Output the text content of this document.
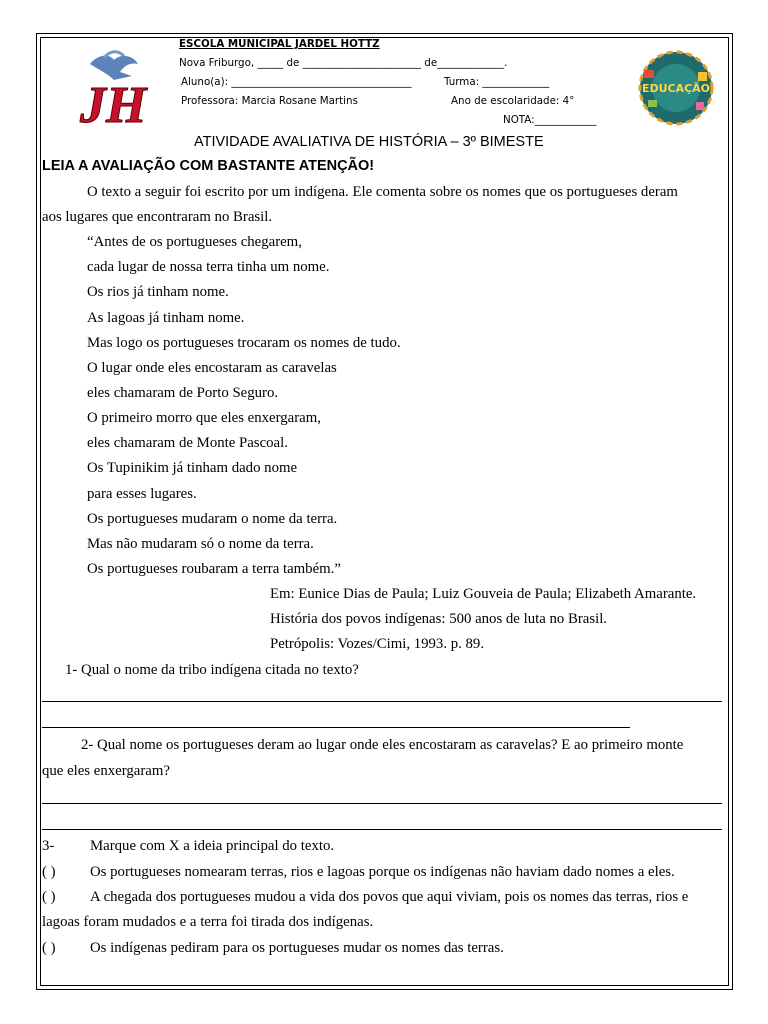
JH	EDUCAÇÃO
ESCOLA MUNICIPAL JARDEL HOTTZ
Nova Friburgo, _____ de _______________________ de_____________.
Aluno(a): ___________________________________	Turma: _____________
Professora: Marcia Rosane Martins	Ano de escolaridade: 4°
NOTA:____________
ATIVIDADE AVALIATIVA DE HISTÓRIA – 3º BIMESTE
LEIA A AVALIAÇÃO COM BASTANTE ATENÇÃO!
O texto a seguir foi escrito por um indígena. Ele comenta sobre os nomes que os portugueses deram
aos lugares que encontraram no Brasil.
“Antes de os portugueses chegarem,
cada lugar de nossa terra tinha um nome.
Os rios já tinham nome.
As lagoas já tinham nome.
Mas logo os portugueses trocaram os nomes de tudo.
O lugar onde eles encostaram as caravelas
eles chamaram de Porto Seguro.
O primeiro morro que eles enxergaram,
eles chamaram de Monte Pascoal.
Os Tupinikim já tinham dado nome
para esses lugares.
Os portugueses mudaram o nome da terra.
Mas não mudaram só o nome da terra.
Os portugueses roubaram a terra também.”
Em: Eunice Dias de Paula; Luiz Gouveia de Paula; Elizabeth Amarante.
História dos povos indígenas: 500 anos de luta no Brasil.
Petrópolis: Vozes/Cimi, 1993. p. 89.
1- Qual o nome da tribo indígena citada no texto?
2- Qual nome os portugueses deram ao lugar onde eles encostaram as caravelas? E ao primeiro monte
que eles enxergaram?
3- Marque com X a ideia principal do texto.
( ) Os portugueses nomearam terras, rios e lagoas porque os indígenas não haviam dado nomes a eles.
( ) A chegada dos portugueses mudou a vida dos povos que aqui viviam, pois os nomes das terras, rios e
lagoas foram mudados e a terra foi tirada dos indígenas.
( ) Os indígenas pediram para os portugueses mudar os nomes das terras.
